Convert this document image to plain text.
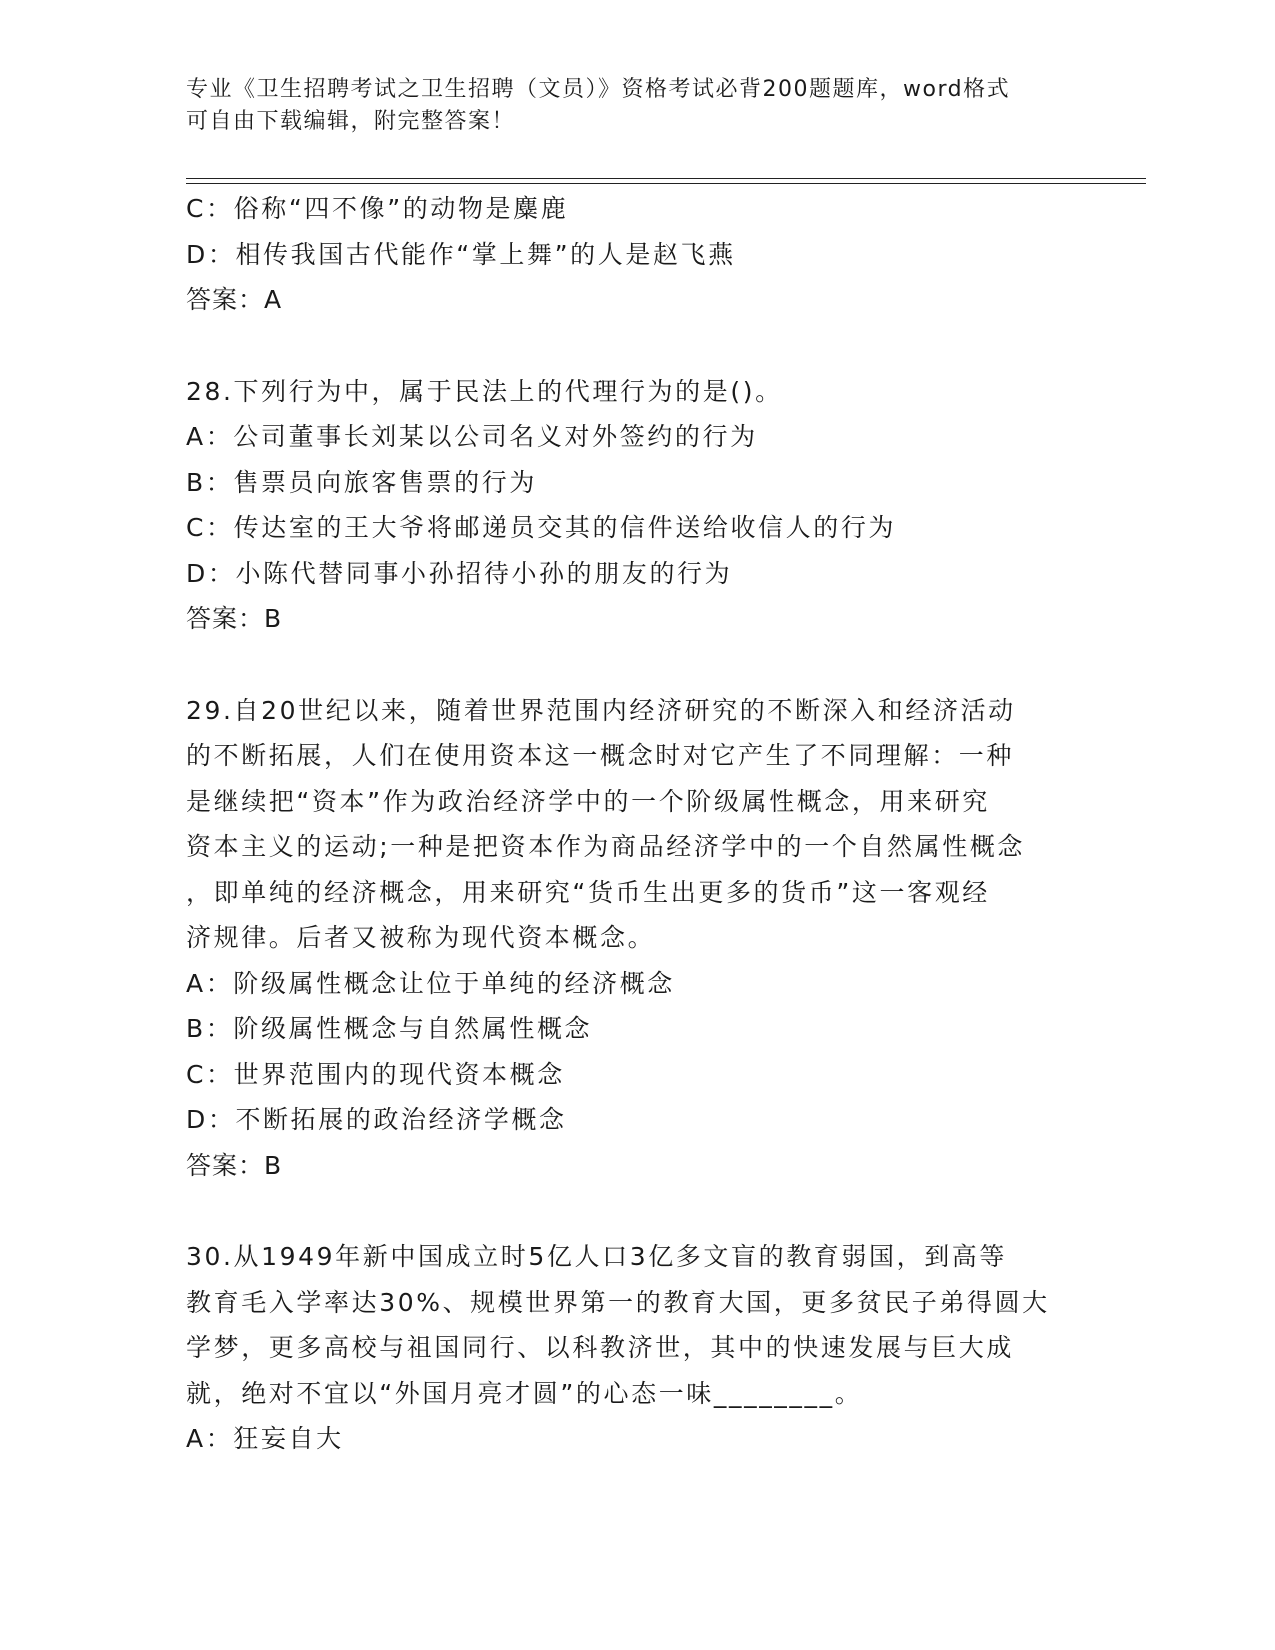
专业《卫生招聘考试之卫生招聘（文员）》资格考试必背200题题库，word格式
可自由下载编辑，附完整答案！
C：俗称“四不像”的动物是麋鹿
D：相传我国古代能作“掌上舞”的人是赵飞燕
答案：A
28.下列行为中，属于民法上的代理行为的是()。
A：公司董事长刘某以公司名义对外签约的行为
B：售票员向旅客售票的行为
C：传达室的王大爷将邮递员交其的信件送给收信人的行为
D：小陈代替同事小孙招待小孙的朋友的行为
答案：B
29.自20世纪以来，随着世界范围内经济研究的不断深入和经济活动
的不断拓展，人们在使用资本这一概念时对它产生了不同理解：一种
是继续把“资本”作为政治经济学中的一个阶级属性概念，用来研究
资本主义的运动;一种是把资本作为商品经济学中的一个自然属性概念
，即单纯的经济概念，用来研究“货币生出更多的货币”这一客观经
济规律。后者又被称为现代资本概念。
A：阶级属性概念让位于单纯的经济概念
B：阶级属性概念与自然属性概念
C：世界范围内的现代资本概念
D：不断拓展的政治经济学概念
答案：B
30.从1949年新中国成立时5亿人口3亿多文盲的教育弱国，到高等
教育毛入学率达30%、规模世界第一的教育大国，更多贫民子弟得圆大
学梦，更多高校与祖国同行、以科教济世，其中的快速发展与巨大成
就，绝对不宜以“外国月亮才圆”的心态一味________。
A：狂妄自大
